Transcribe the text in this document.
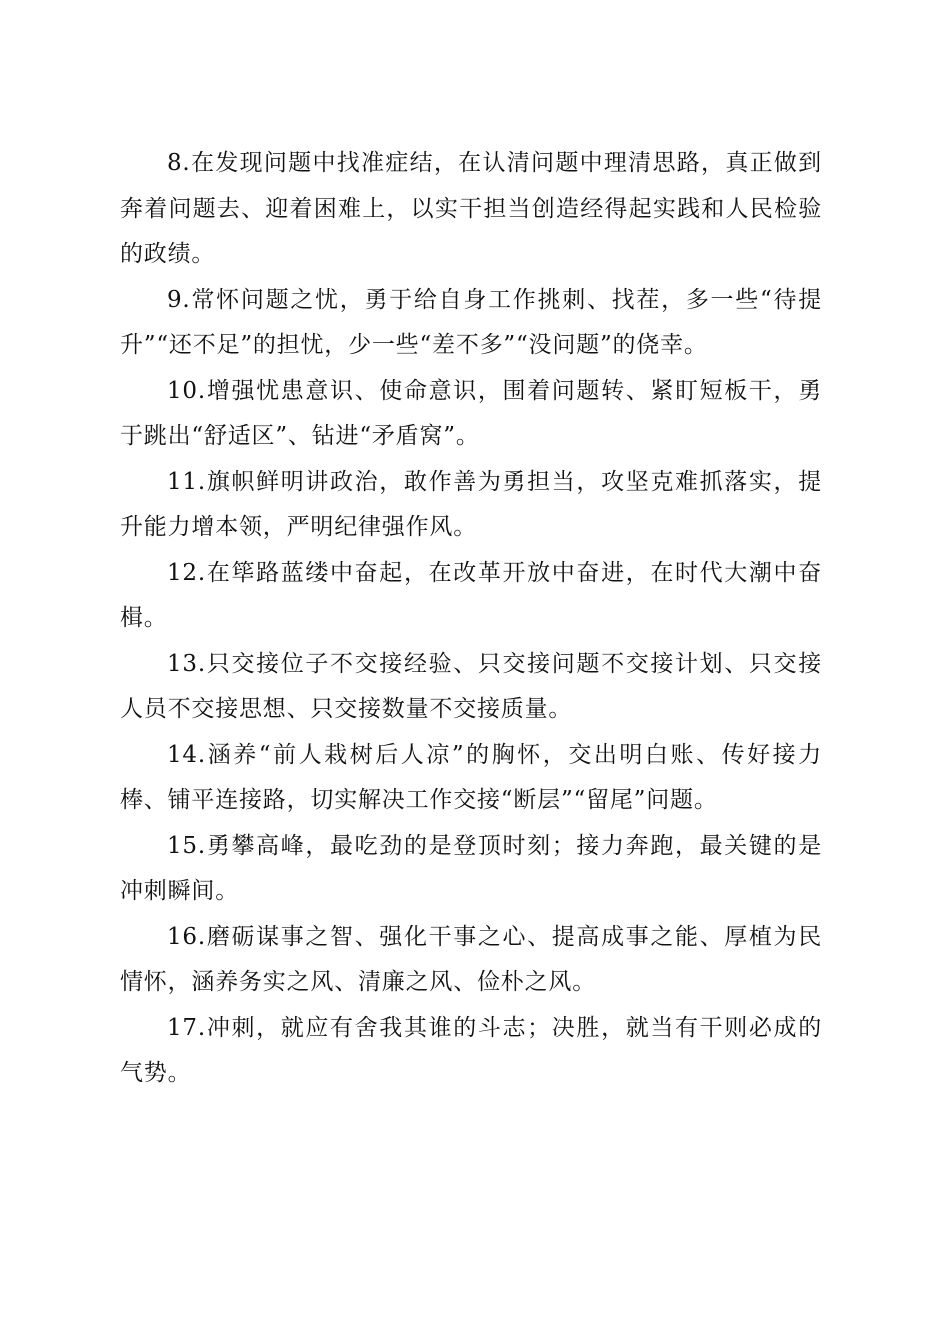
8.在发现问题中找准症结，在认清问题中理清思路，真正做到奔着问题去、迎着困难上，以实干担当创造经得起实践和人民检验的政绩。

9.常怀问题之忧，勇于给自身工作挑刺、找茬，多一些“待提升”“还不足”的担忧，少一些“差不多”“没问题”的侥幸。

10.增强忧患意识、使命意识，围着问题转、紧盯短板干，勇于跳出“舒适区”、钻进“矛盾窝”。

11.旗帜鲜明讲政治，敢作善为勇担当，攻坚克难抓落实，提升能力增本领，严明纪律强作风。

12.在筚路蓝缕中奋起，在改革开放中奋进，在时代大潮中奋楫。

13.只交接位子不交接经验、只交接问题不交接计划、只交接人员不交接思想、只交接数量不交接质量。

14.涵养“前人栽树后人凉”的胸怀，交出明白账、传好接力棒、铺平连接路，切实解决工作交接“断层”“留尾”问题。

15.勇攀高峰，最吃劲的是登顶时刻；接力奔跑，最关键的是冲刺瞬间。

16.磨砺谋事之智、强化干事之心、提高成事之能、厚植为民情怀，涵养务实之风、清廉之风、俭朴之风。

17.冲刺，就应有舍我其谁的斗志；决胜，就当有干则必成的气势。
